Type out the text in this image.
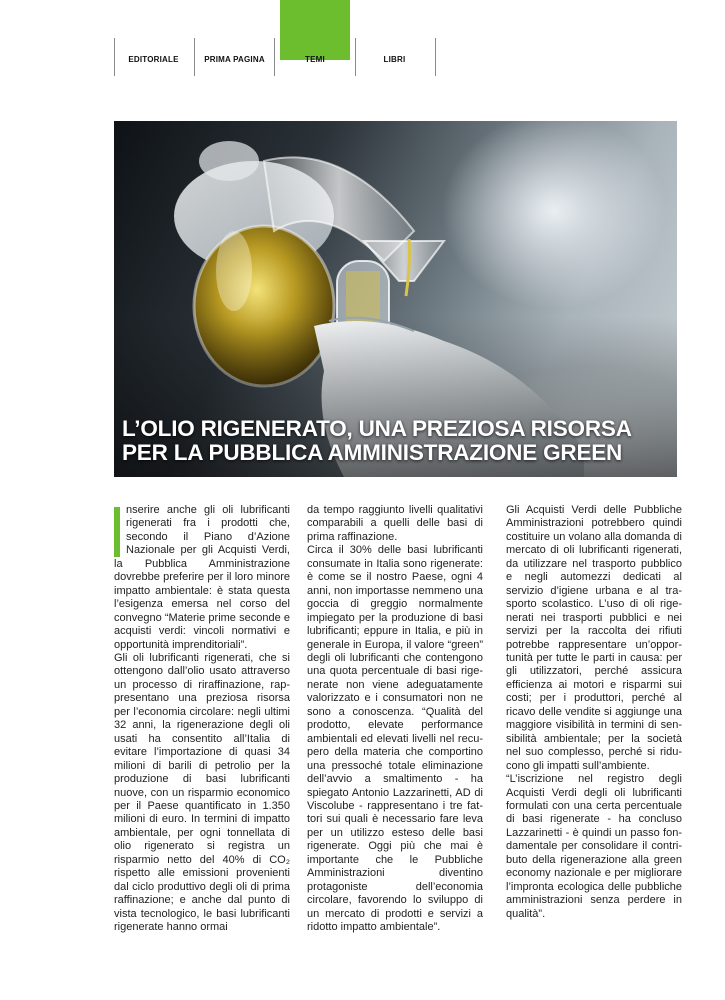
EDITORIALE	PRIMA PAGINA	TEMI	LIBRI
L’OLIO RIGENERATO, UNA PREZIOSA RISORSA
PER LA PUBBLICA AMMINISTRAZIONE GREEN

nserire anche gli oli lubrificanti rigenerati fra i prodotti che, secondo il Piano d’Azione Nazionale per gli Acquisti Verdi, la Pubblica Amministrazione dovrebbe preferire per il loro minore impatto ambientale: è stata questa l’esigenza emersa nel corso del convegno “Materie prime seconde e acquisti verdi: vincoli normativi e opportunità imprenditoriali”.

Gli oli lubrificanti rigenerati, che si ottengono dall’olio usato attraverso un processo di riraffinazione, rappresentano una preziosa risorsa per l’economia circolare: negli ultimi 32 anni, la rigenerazione degli oli usati ha consentito all’Italia di evitare l’importazione di quasi 34 milioni di barili di petrolio per la produzione di basi lubrificanti nuove, con un risparmio economico per il Paese quantificato in 1.350 milioni di euro. In termini di impatto ambientale, per ogni tonnellata di olio rigenerato si registra un risparmio netto del 40% di CO₂ rispetto alle emissioni provenienti dal ciclo produttivo degli oli di prima raffinazione; e anche dal punto di vista tecnologico, le basi lubrificanti rigenerate hanno ormai

da tempo raggiunto livelli qualitativi comparabili a quelli delle basi di prima raffinazione.

Circa il 30% delle basi lubrificanti consumate in Italia sono rigenerate: è come se il nostro Paese, ogni 4 anni, non importasse nemmeno una goccia di greggio normalmente impiegato per la produzione di basi lubrificanti; eppure in Italia, e più in generale in Europa, il valore “green” degli oli lubrificanti che contengono una quota percentuale di basi rigenerate non viene adeguatamente valorizzato e i consumatori non ne sono a conoscenza. “Qualità del prodotto, elevate performance ambientali ed elevati livelli nel recupero della materia che comportino una pressoché totale eliminazione dell’avvio a smaltimento - ha spiegato Antonio Lazzarinetti, AD di Viscolube - rappresentano i tre fattori sui quali è necessario fare leva per un utilizzo esteso delle basi rigenerate. Oggi più che mai è importante che le Pubbliche Amministrazioni diventino protagoniste dell’economia circolare, favorendo lo sviluppo di un mercato di prodotti e servizi a ridotto impatto ambientale”.

Gli Acquisti Verdi delle Pubbliche Amministrazioni potrebbero quindi costituire un volano alla domanda di mercato di oli lubrificanti rigenerati, da utilizzare nel trasporto pubblico e negli automezzi dedicati al servizio d’igiene urbana e al trasporto scolastico. L’uso di oli rigenerati nei trasporti pubblici e nei servizi per la raccolta dei rifiuti potrebbe rappresentare un’opportunità per tutte le parti in causa: per gli utilizzatori, perché assicura efficienza ai motori e risparmi sui costi; per i produttori, perché al ricavo delle vendite si aggiunge una maggiore visibilità in termini di sensibilità ambientale; per la società nel suo complesso, perché si riducono gli impatti sull’ambiente.

“L’iscrizione nel registro degli Acquisti Verdi degli oli lubrificanti formulati con una certa percentuale di basi rigenerate - ha concluso Lazzarinetti - è quindi un passo fondamentale per consolidare il contributo della rigenerazione alla green economy nazionale e per migliorare l’impronta ecologica delle pubbliche amministrazioni senza perdere in qualità”.
